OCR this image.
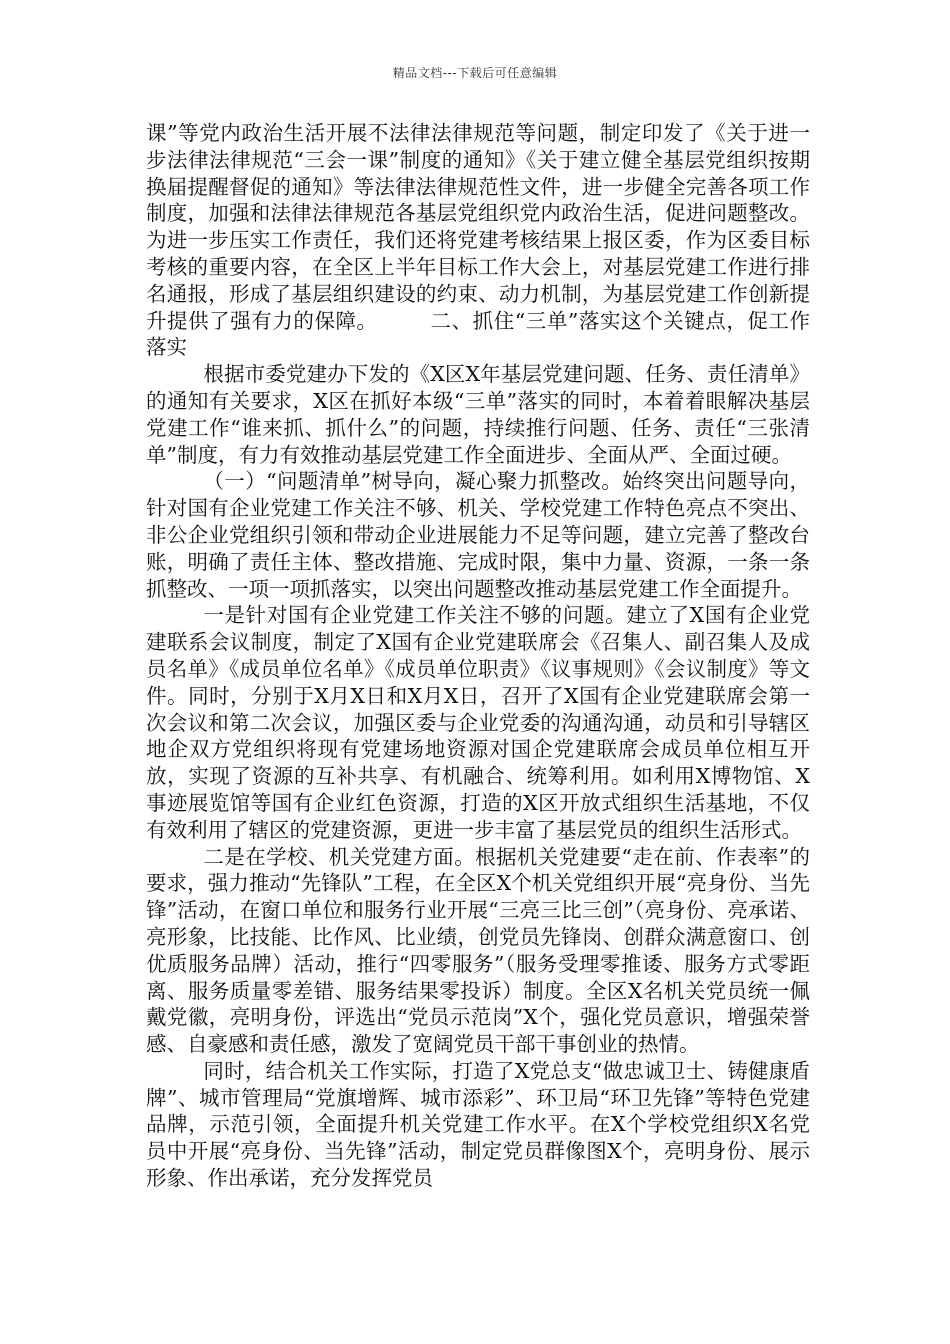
精品文档---下载后可任意编辑

课”等党内政治生活开展不法律法律规范等问题，制定印发了《关于进一步法律法律规范“三会一课”制度的通知》《关于建立健全基层党组织按期换届提醒督促的通知》等法律法律规范性文件，进一步健全完善各项工作制度，加强和法律法律规范各基层党组织党内政治生活，促进问题整改。为进一步压实工作责任，我们还将党建考核结果上报区委，作为区委目标考核的重要内容，在全区上半年目标工作大会上，对基层党建工作进行排名通报，形成了基层组织建设的约束、动力机制，为基层党建工作创新提升提供了强有力的保障。　　　二、抓住“三单”落实这个关键点，促工作落实

根据市委党建办下发的《X区X年基层党建问题、任务、责任清单》的通知有关要求，X区在抓好本级“三单”落实的同时，本着着眼解决基层党建工作“谁来抓、抓什么”的问题，持续推行问题、任务、责任“三张清单”制度，有力有效推动基层党建工作全面进步、全面从严、全面过硬。

（一）“问题清单”树导向，凝心聚力抓整改。始终突出问题导向，针对国有企业党建工作关注不够、机关、学校党建工作特色亮点不突出、非公企业党组织引领和带动企业进展能力不足等问题，建立完善了整改台账，明确了责任主体、整改措施、完成时限，集中力量、资源，一条一条抓整改、一项一项抓落实，以突出问题整改推动基层党建工作全面提升。

一是针对国有企业党建工作关注不够的问题。建立了X国有企业党建联系会议制度，制定了X国有企业党建联席会《召集人、副召集人及成员名单》《成员单位名单》《成员单位职责》《议事规则》《会议制度》等文件。同时，分别于X月X日和X月X日，召开了X国有企业党建联席会第一次会议和第二次会议，加强区委与企业党委的沟通沟通，动员和引导辖区地企双方党组织将现有党建场地资源对国企党建联席会成员单位相互开放，实现了资源的互补共享、有机融合、统筹利用。如利用X博物馆、X事迹展览馆等国有企业红色资源，打造的X区开放式组织生活基地，不仅有效利用了辖区的党建资源，更进一步丰富了基层党员的组织生活形式。

二是在学校、机关党建方面。根据机关党建要“走在前、作表率”的要求，强力推动“先锋队”工程，在全区X个机关党组织开展“亮身份、当先锋”活动，在窗口单位和服务行业开展“三亮三比三创”（亮身份、亮承诺、亮形象，比技能、比作风、比业绩，创党员先锋岗、创群众满意窗口、创优质服务品牌）活动，推行“四零服务”（服务受理零推诿、服务方式零距离、服务质量零差错、服务结果零投诉）制度。全区X名机关党员统一佩戴党徽，亮明身份，评选出“党员示范岗”X个，强化党员意识，增强荣誉感、自豪感和责任感，激发了宽阔党员干部干事创业的热情。

同时，结合机关工作实际，打造了X党总支“做忠诚卫士、铸健康盾牌”、城市管理局“党旗增辉、城市添彩”、环卫局“环卫先锋”等特色党建品牌，示范引领，全面提升机关党建工作水平。在X个学校党组织X名党员中开展“亮身份、当先锋”活动，制定党员群像图X个，亮明身份、展示形象、作出承诺，充分发挥党员
